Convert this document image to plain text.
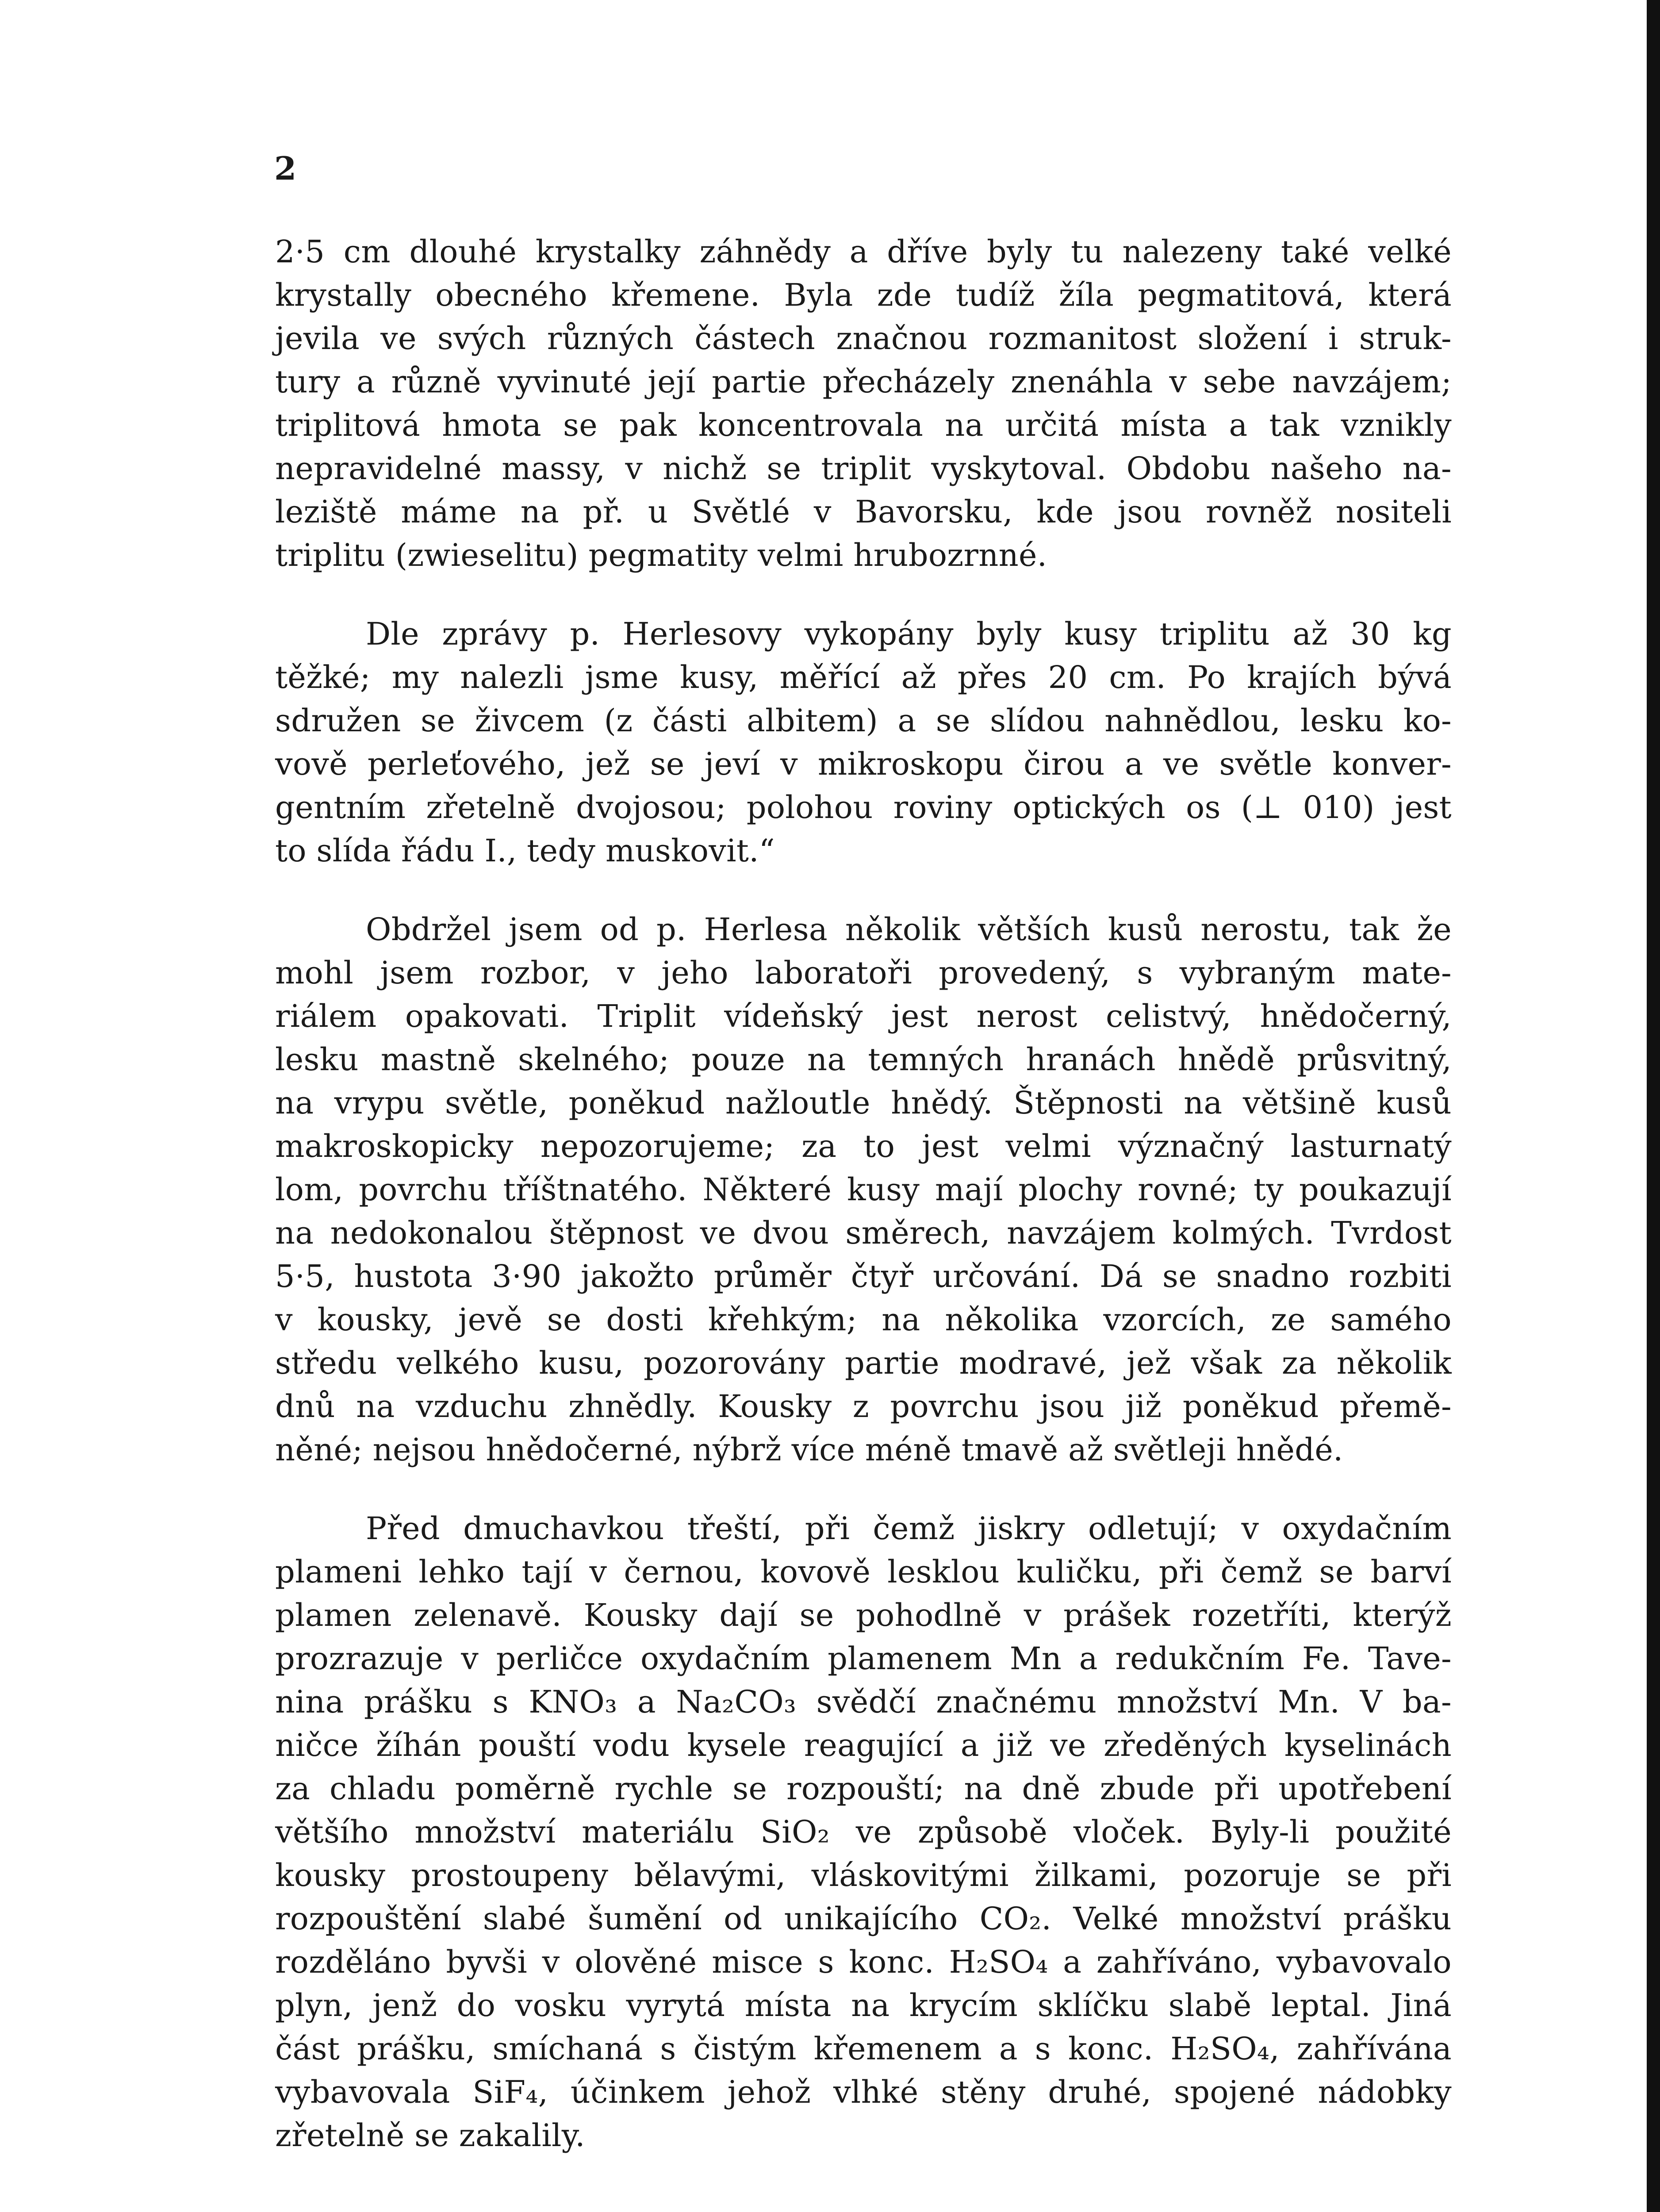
2
2·5 cm dlouhé krystalky záhnědy a dříve byly tu nalezeny také velké
krystally obecného křemene. Byla zde tudíž žíla pegmatitová, která
jevila ve svých různých částech značnou rozmanitost složení i struk-
tury a různě vyvinuté její partie přecházely znenáhla v sebe navzájem;
triplitová hmota se pak koncentrovala na určitá místa a tak vznikly
nepravidelné massy, v nichž se triplit vyskytoval. Obdobu našeho na-
leziště máme na př. u Světlé v Bavorsku, kde jsou rovněž nositeli
triplitu (zwieselitu) pegmatity velmi hrubozrnné.
Dle zprávy p. Herlesovy vykopány byly kusy triplitu až 30 kg
těžké; my nalezli jsme kusy, měřící až přes 20 cm. Po krajích bývá
sdružen se živcem (z části albitem) a se slídou nahnědlou, lesku ko-
vově perleťového, jež se jeví v mikroskopu čirou a ve světle konver-
gentním zřetelně dvojosou; polohou roviny optických os (⊥ 010) jest
to slída řádu I., tedy muskovit.“
Obdržel jsem od p. Herlesa několik větších kusů nerostu, tak že
mohl jsem rozbor, v jeho laboratoři provedený, s vybraným mate-
riálem opakovati. Triplit vídeňský jest nerost celistvý, hnědočerný,
lesku mastně skelného; pouze na temných hranách hnědě průsvitný,
na vrypu světle, poněkud nažloutle hnědý. Štěpnosti na většině kusů
makroskopicky nepozorujeme; za to jest velmi význačný lasturnatý
lom, povrchu tříštnatého. Některé kusy mají plochy rovné; ty poukazují
na nedokonalou štěpnost ve dvou směrech, navzájem kolmých. Tvrdost
5·5, hustota 3·90 jakožto průměr čtyř určování. Dá se snadno rozbiti
v kousky, jevě se dosti křehkým; na několika vzorcích, ze samého
středu velkého kusu, pozorovány partie modravé, jež však za několik
dnů na vzduchu zhnědly. Kousky z povrchu jsou již poněkud přemě-
něné; nejsou hnědočerné, nýbrž více méně tmavě až světleji hnědé.
Před dmuchavkou třeští, při čemž jiskry odletují; v oxydačním
plameni lehko tají v černou, kovově lesklou kuličku, při čemž se barví
plamen zelenavě. Kousky dají se pohodlně v prášek rozetříti, kterýž
prozrazuje v perličce oxydačním plamenem Mn a redukčním Fe. Tave-
nina prášku s KNO₃ a Na₂CO₃ svědčí značnému množství Mn. V ba-
ničce žíhán pouští vodu kysele reagující a již ve zředěných kyselinách
za chladu poměrně rychle se rozpouští; na dně zbude při upotřebení
většího množství materiálu SiO₂ ve způsobě vloček. Byly-li použité
kousky prostoupeny bělavými, vláskovitými žilkami, pozoruje se při
rozpouštění slabé šumění od unikajícího CO₂. Velké množství prášku
rozděláno byvši v olověné misce s konc. H₂SO₄ a zahříváno, vybavovalo
plyn, jenž do vosku vyrytá místa na krycím sklíčku slabě leptal. Jiná
část prášku, smíchaná s čistým křemenem a s konc. H₂SO₄, zahřívána
vybavovala SiF₄, účinkem jehož vlhké stěny druhé, spojené nádobky
zřetelně se zakalily.
